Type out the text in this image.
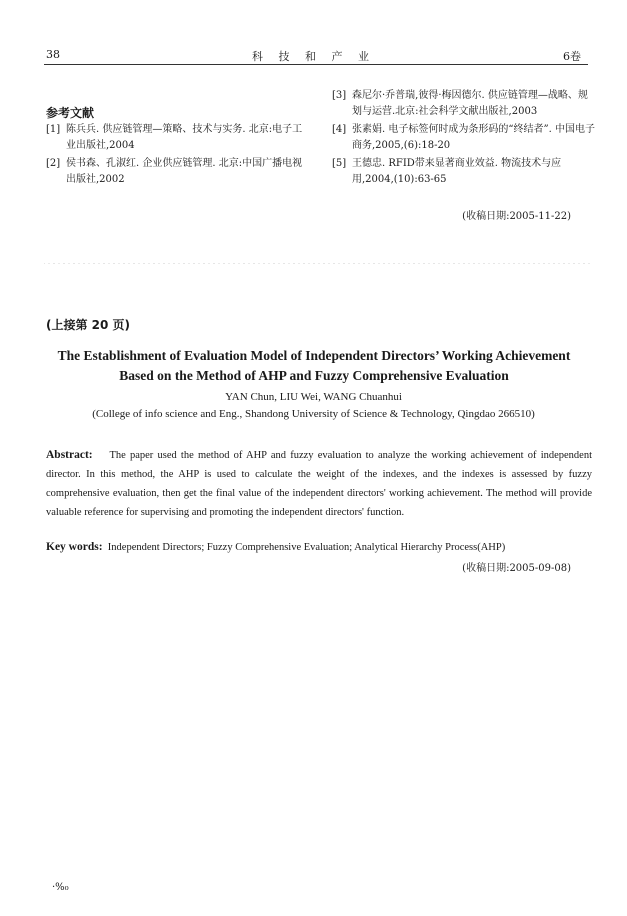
38	科 技 和 产 业	6卷
参考文献
[1] 陈兵兵. 供应链管理—策略、技术与实务. 北京:电子工业出版社,2004
[2] 侯书森、孔淑红. 企业供应链管理. 北京:中国广播电视出版社,2002
[3] 森尼尔·乔普瑞,彼得·梅因德尔. 供应链管理—战略、规划与运营.北京:社会科学文献出版社,2003
[4] 张素娟. 电子标签何时成为条形码的“终结者”. 中国电子商务,2005,(6):18-20
[5] 王德忠. RFID带来显著商业效益. 物流技术与应用,2004,(10):63-65
(收稿日期:2005-11-22)
(上接第 20 页)
The Establishment of Evaluation Model of Independent Directors’ Working Achievement
Based on the Method of AHP and Fuzzy Comprehensive Evaluation
YAN Chun, LIU Wei, WANG Chuanhui
(College of info science and Eng., Shandong University of Science & Technology, Qingdao 266510)
Abstract: The paper used the method of AHP and fuzzy evaluation to analyze the working achievement of independent director. In this method, the AHP is used to calculate the weight of the indexes, and the indexes is assessed by fuzzy comprehensive evaluation, then get the final value of the independent directors' working achievement. The method will provide valuable reference for supervising and promoting the independent directors' function.
Key words: Independent Directors; Fuzzy Comprehensive Evaluation; Analytical Hierarchy Process(AHP)
(收稿日期:2005-09-08)
·%₀
